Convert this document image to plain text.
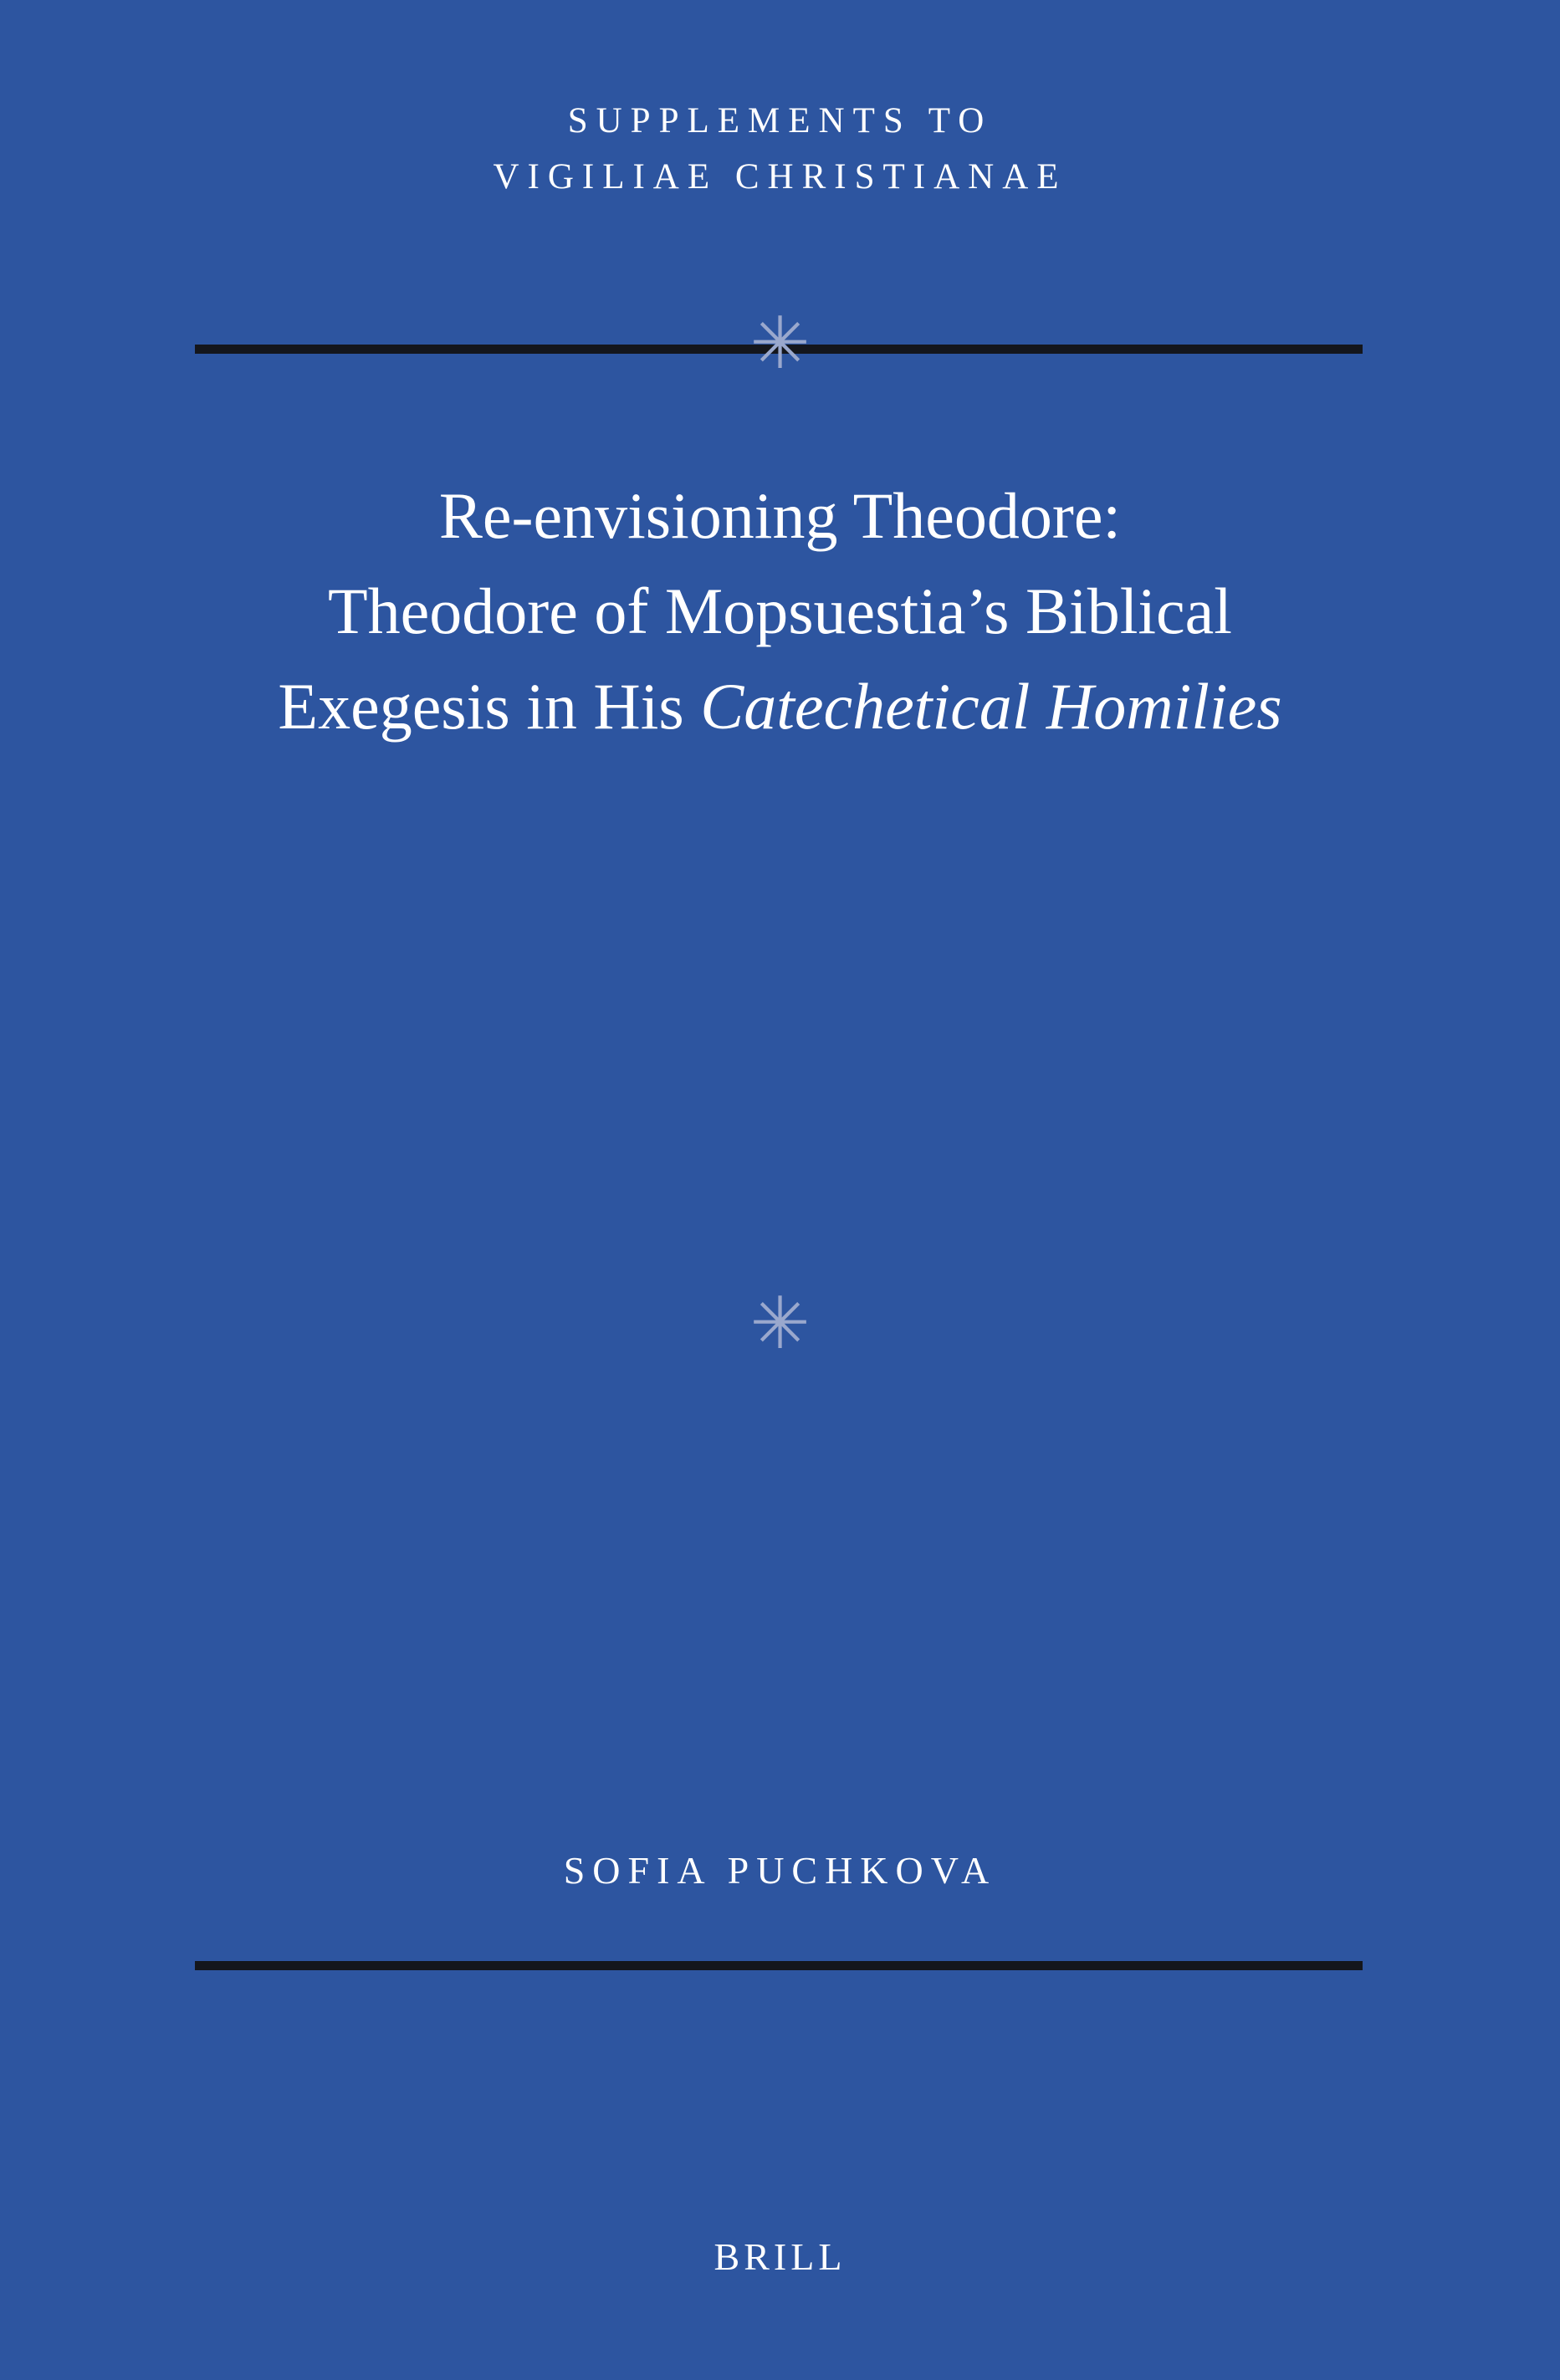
SUPPLEMENTS TO
VIGILIAE CHRISTIANAE
✳
Re-envisioning Theodore:
Theodore of Mopsuestia’s Biblical
Exegesis in His Catechetical Homilies
✳
SOFIA PUCHKOVA
BRILL
